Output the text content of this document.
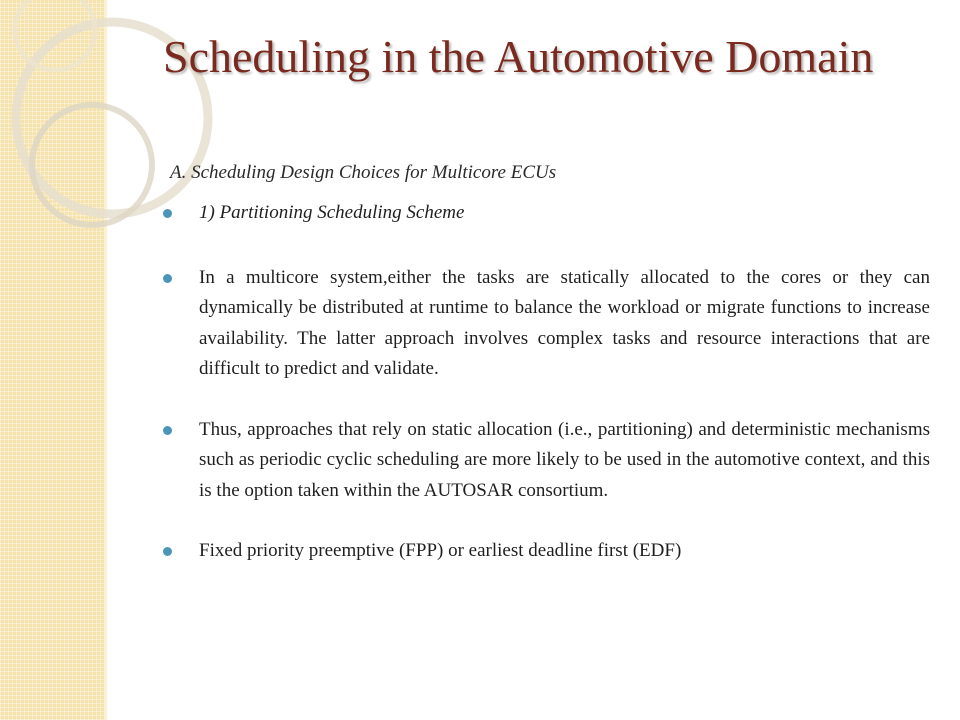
Scheduling in the Automotive Domain

A. Scheduling Design Choices for Multicore ECUs

1) Partitioning Scheduling Scheme
In a multicore system,either the tasks are statically allocated to the cores or they can dynamically be distributed at runtime to balance the workload or migrate functions to increase availability. The latter approach involves complex tasks and resource interactions that are difficult to predict and validate.
Thus, approaches that rely on static allocation (i.e., partitioning) and deterministic mechanisms such as periodic cyclic scheduling are more likely to be used in the automotive context, and this is the option taken within the AUTOSAR consortium.
Fixed priority preemptive (FPP) or earliest deadline first (EDF)
